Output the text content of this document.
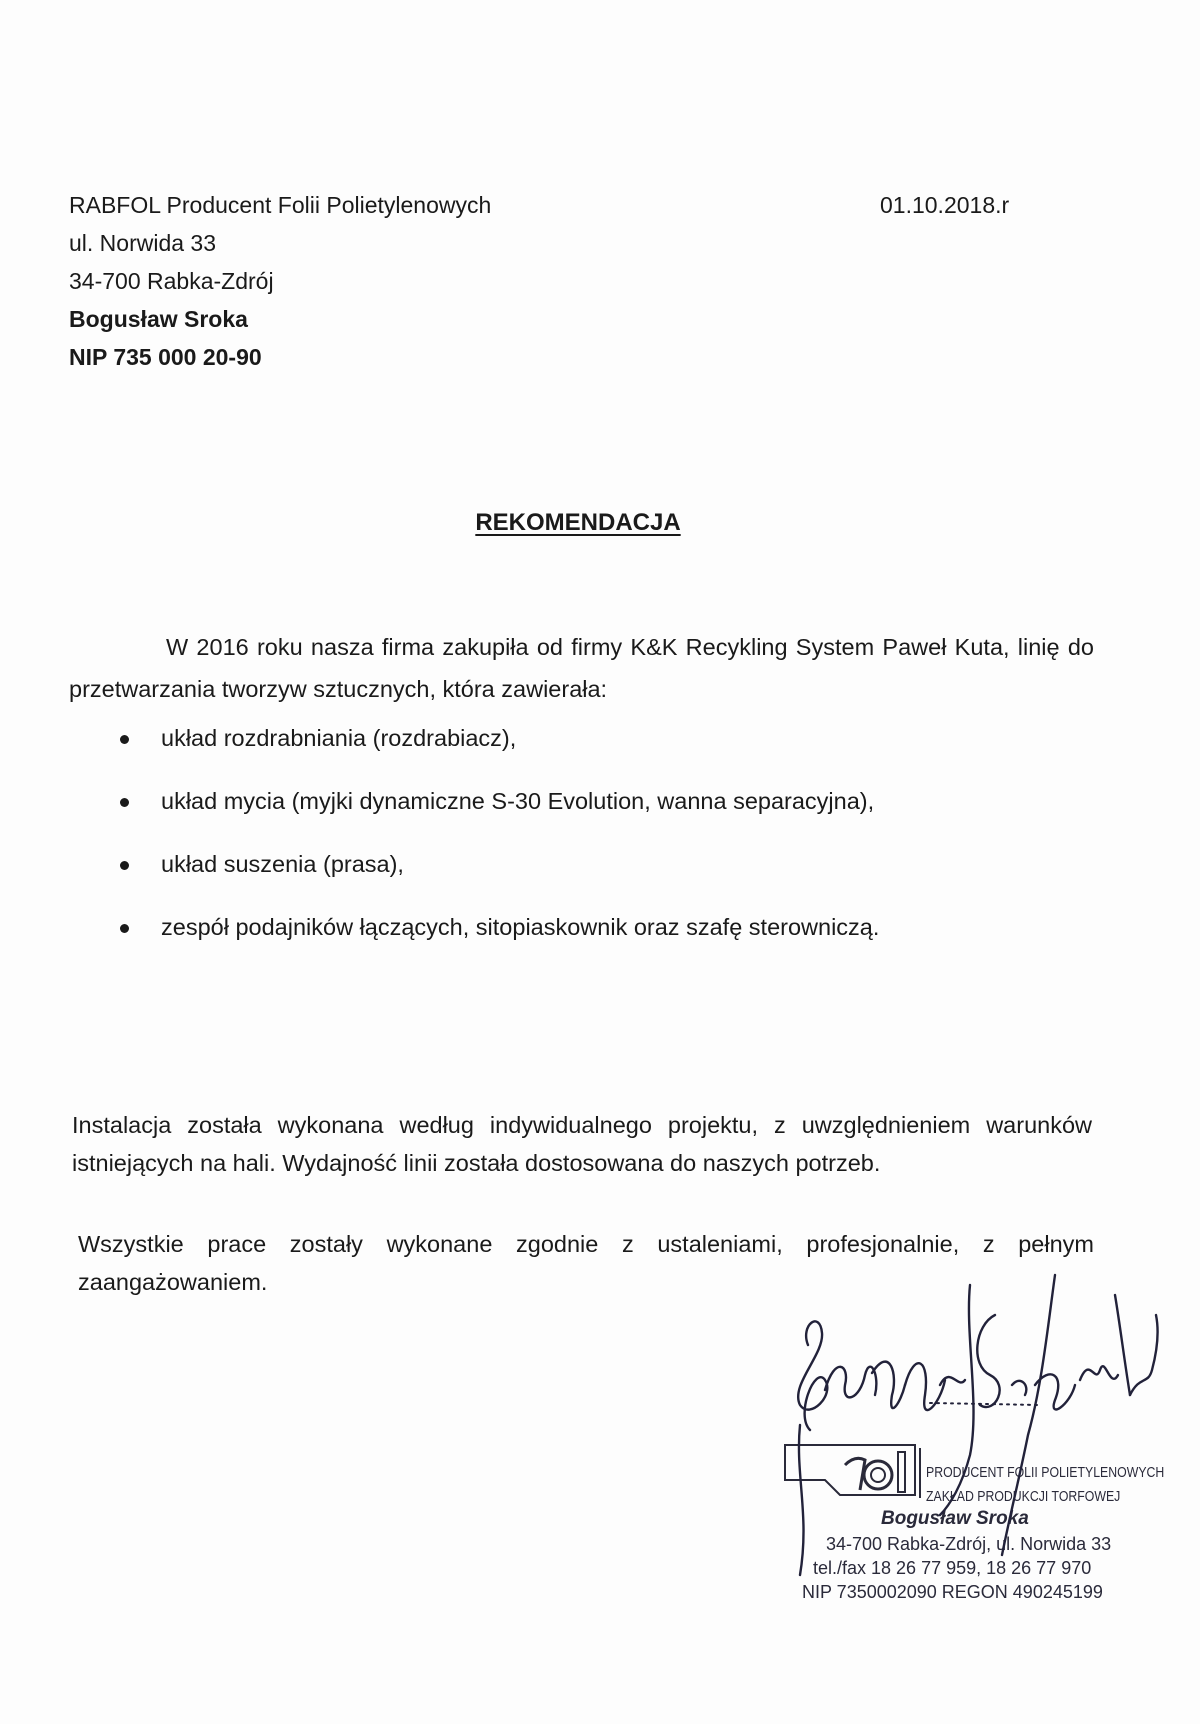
RABFOL Producent Folii Polietylenowych
ul. Norwida 33
34-700 Rabka-Zdrój
Bogusław Sroka
NIP 735 000 20-90
01.10.2018.r
REKOMENDACJA
W 2016 roku nasza firma zakupiła od firmy K&K Recykling System Paweł Kuta, linię do przetwarzania tworzyw sztucznych, która zawierała:
układ rozdrabniania (rozdrabiacz),
układ mycia (myjki dynamiczne S-30 Evolution, wanna separacyjna),
układ suszenia (prasa),
zespół podajników łączących, sitopiaskownik oraz szafę sterowniczą.
Instalacja została wykonana według indywidualnego projektu, z uwzględnieniem warunków istniejących na hali. Wydajność linii została dostosowana do naszych potrzeb.
Wszystkie prace zostały wykonane zgodnie z ustaleniami, profesjonalnie, z pełnym zaangażowaniem.
PRODUCENT FOLII POLIETYLENOWYCH
ZAKŁAD PRODUKCJI TORFOWEJ
Bogusław Sroka
34-700 Rabka-Zdrój, ul. Norwida 33
tel./fax 18 26 77 959, 18 26 77 970
NIP 7350002090 REGON 490245199
